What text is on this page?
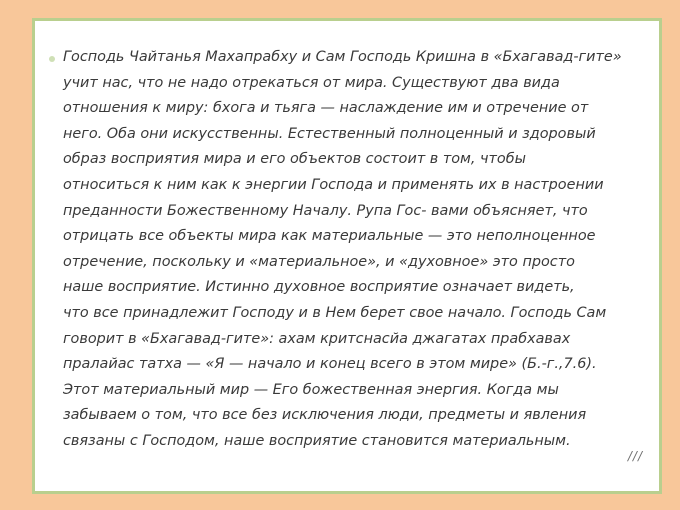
Господь Чайтанья Махапрабху и Сам Господь Кришна в «Бхагавад-гите»
учит нас, что не надо отрекаться от мира. Существуют два вида
отношения к миру: бхога и тьяга — наслаждение им и отречение от
него. Оба они искусственны. Естественный полноценный и здоровый
образ восприятия мира и его объектов состоит в том, чтобы
относиться к ним как к энергии Господа и применять их в настроении
преданности Божественному Началу. Рупа Гос- вами объясняет, что
отрицать все объекты мира как материальные — это неполноценное
отречение, поскольку и «материальное», и «духовное» это просто
наше восприятие. Истинно духовное восприятие означает видеть,
что все принадлежит Господу и в Нем берет свое начало. Господь Сам
говорит в «Бхагавад-гите»: ахам критснасйа джагатах прабхавах
пралайас татха — «Я — начало и конец всего в этом мире» (Б.-г.,7.6).
Этот материальный мир — Его божественная энергия. Когда мы
забываем о том, что все без исключения люди, предметы и явления
связаны с Господом, наше восприятие становится материальным.

///
